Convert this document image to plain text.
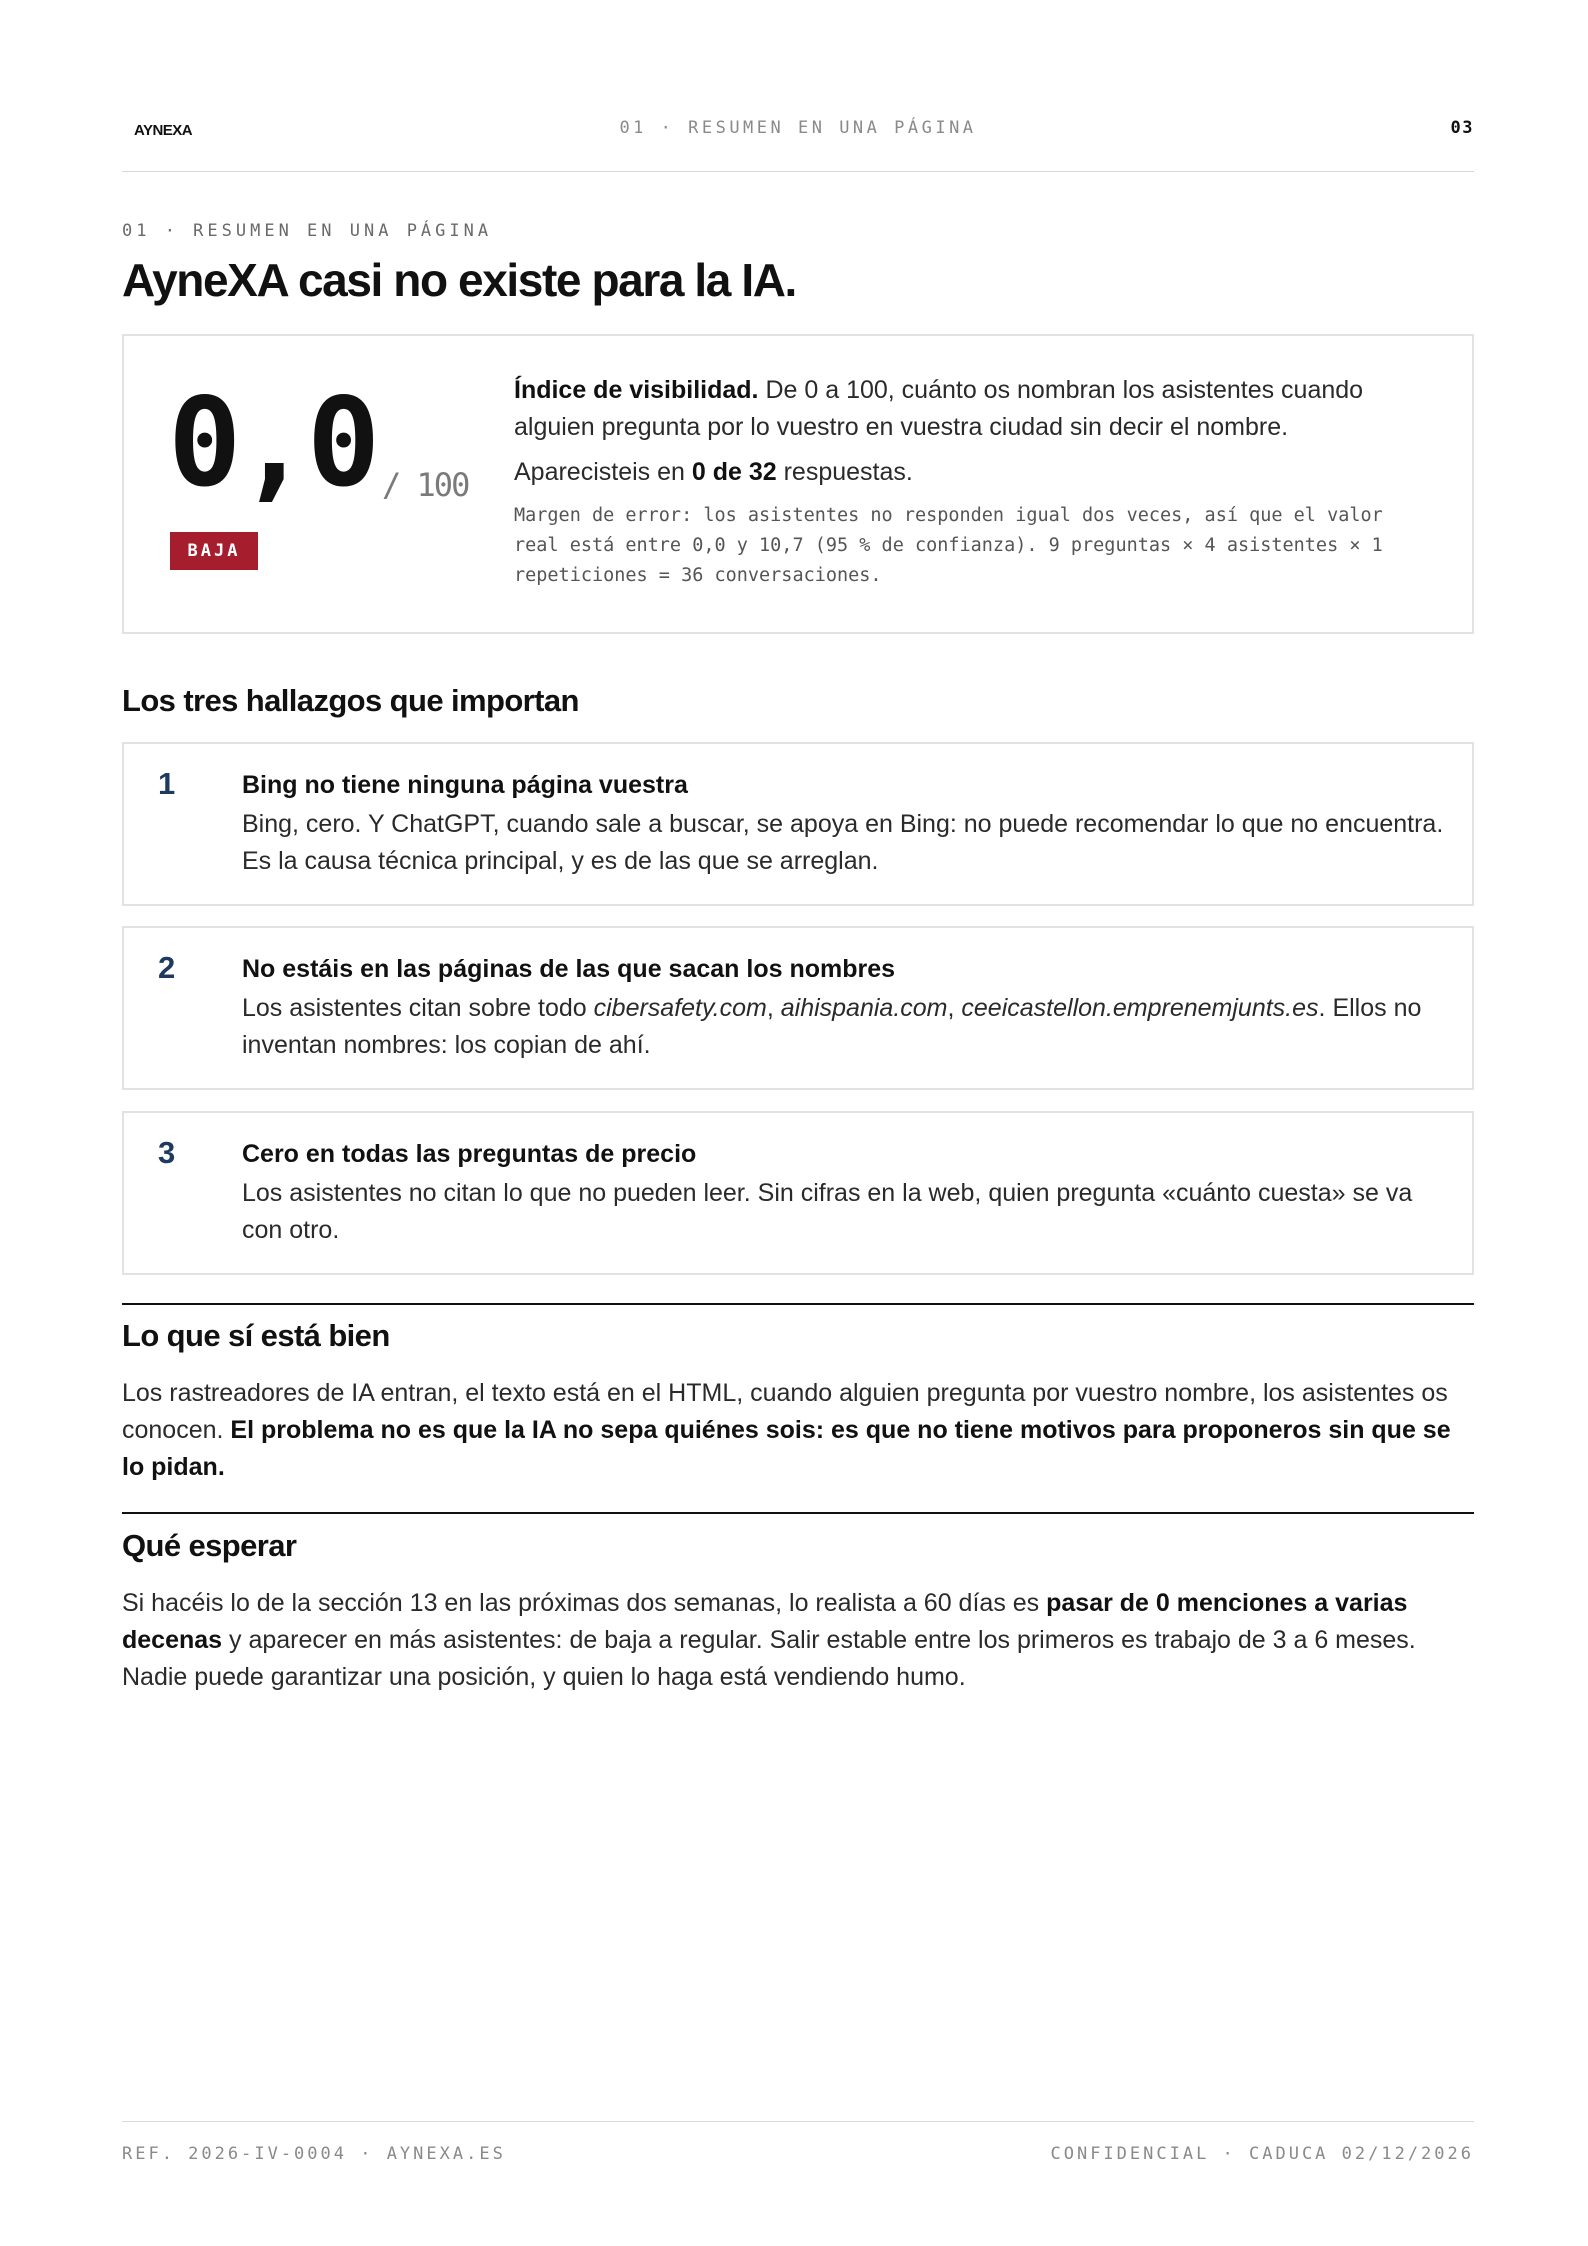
AYNEXA	01 · RESUMEN EN UNA PÁGINA	03
01 · RESUMEN EN UNA PÁGINA
AyneXA casi no existe para la IA.
0,0 / 100
BAJA

Índice de visibilidad. De 0 a 100, cuánto os nombran los asistentes cuando alguien pregunta por lo vuestro en vuestra ciudad sin decir el nombre.

Aparecisteis en 0 de 32 respuestas.

Margen de error: los asistentes no responden igual dos veces, así que el valor real está entre 0,0 y 10,7 (95 % de confianza). 9 preguntas × 4 asistentes × 1 repeticiones = 36 conversaciones.

Los tres hallazgos que importan
1	Bing no tiene ninguna página vuestra
Bing, cero. Y ChatGPT, cuando sale a buscar, se apoya en Bing: no puede recomendar lo que no encuentra. Es la causa técnica principal, y es de las que se arreglan.
2	No estáis en las páginas de las que sacan los nombres
Los asistentes citan sobre todo cibersafety.com, aihispania.com, ceeicastellon.emprenemjunts.es. Ellos no inventan nombres: los copian de ahí.
3	Cero en todas las preguntas de precio
Los asistentes no citan lo que no pueden leer. Sin cifras en la web, quien pregunta «cuánto cuesta» se va con otro.
Lo que sí está bien

Los rastreadores de IA entran, el texto está en el HTML, cuando alguien pregunta por vuestro nombre, los asistentes os conocen. El problema no es que la IA no sepa quiénes sois: es que no tiene motivos para proponeros sin que se lo pidan.

Qué esperar

Si hacéis lo de la sección 13 en las próximas dos semanas, lo realista a 60 días es pasar de 0 menciones a varias decenas y aparecer en más asistentes: de baja a regular. Salir estable entre los primeros es trabajo de 3 a 6 meses. Nadie puede garantizar una posición, y quien lo haga está vendiendo humo.

REF. 2026-IV-0004 · AYNEXA.ES	CONFIDENCIAL · CADUCA 02/12/2026
